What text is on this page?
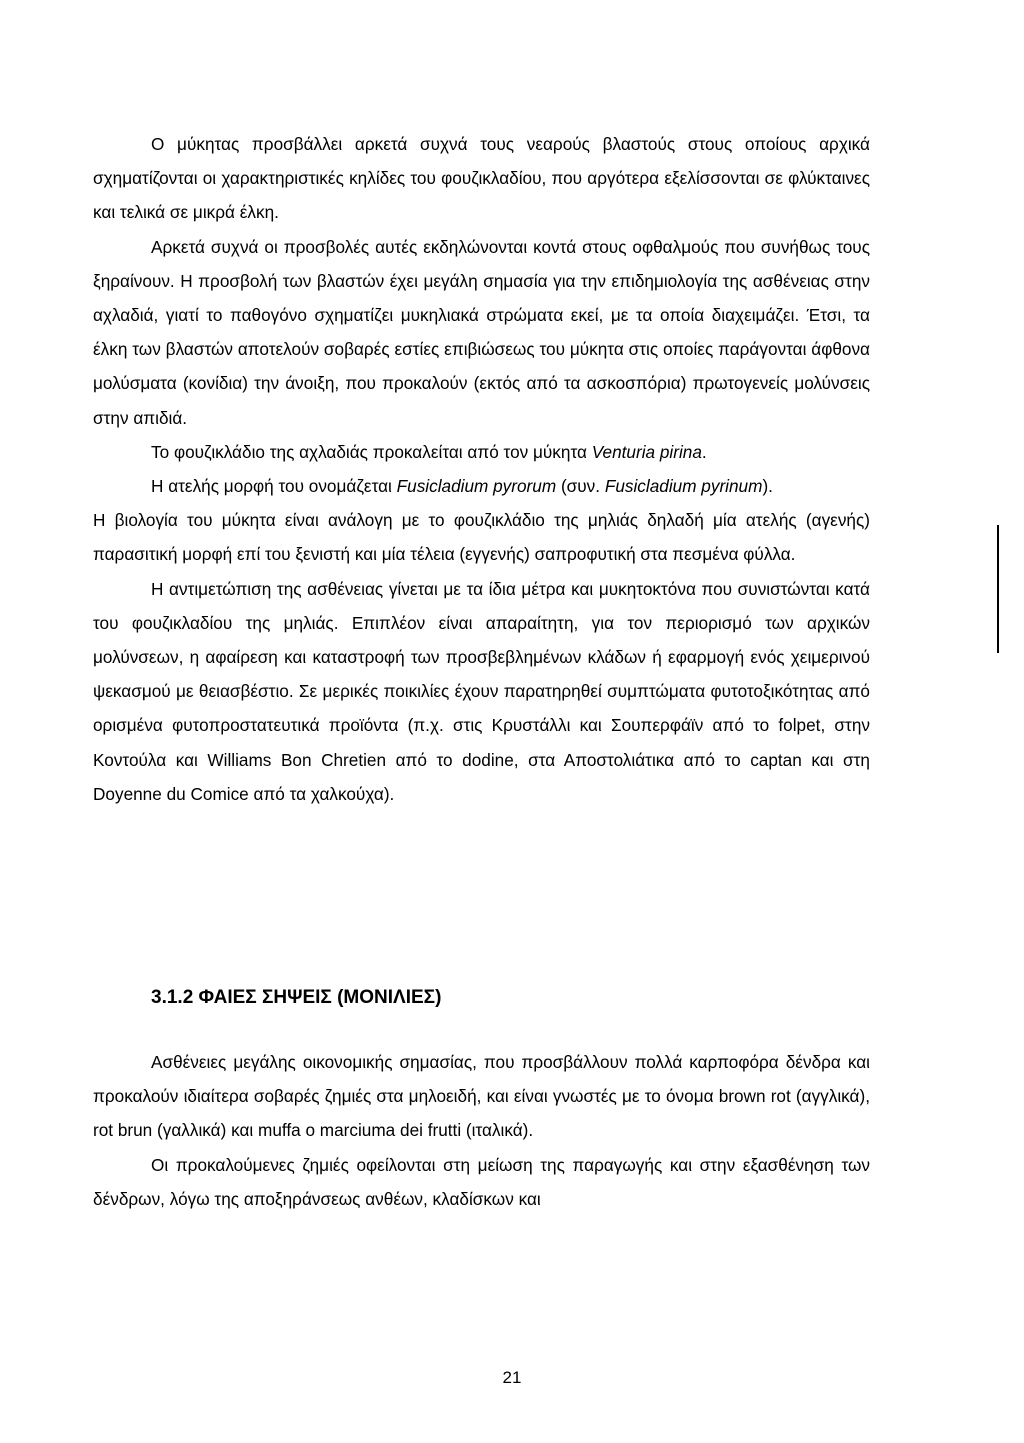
Ο μύκητας προσβάλλει αρκετά συχνά τους νεαρούς βλαστούς στους οποίους αρχικά σχηματίζονται οι χαρακτηριστικές κηλίδες του φουζικλαδίου, που αργότερα εξελίσσονται σε φλύκταινες και τελικά σε μικρά έλκη.

Αρκετά συχνά οι προσβολές αυτές εκδηλώνονται κοντά στους οφθαλμούς που συνήθως τους ξηραίνουν. Η προσβολή των βλαστών έχει μεγάλη σημασία για την επιδημιολογία της ασθένειας στην αχλαδιά, γιατί το παθογόνο σχηματίζει μυκηλιακά στρώματα εκεί, με τα οποία διαχειμάζει. Έτσι, τα έλκη των βλαστών αποτελούν σοβαρές εστίες επιβιώσεως του μύκητα στις οποίες παράγονται άφθονα μολύσματα (κονίδια) την άνοιξη, που προκαλούν (εκτός από τα ασκοσπόρια) πρωτογενείς μολύνσεις στην απιδιά.

Το φουζικλάδιο της αχλαδιάς προκαλείται από τον μύκητα Venturia pirina.

Η ατελής μορφή του ονομάζεται Fusicladium pyrorum (συν. Fusicladium pyrinum).

Η βιολογία του μύκητα είναι ανάλογη με το φουζικλάδιο της μηλιάς δηλαδή μία ατελής (αγενής) παρασιτική μορφή επί του ξενιστή και μία τέλεια (εγγενής) σαπροφυτική στα πεσμένα φύλλα.

Η αντιμετώπιση της ασθένειας γίνεται με τα ίδια μέτρα και μυκητοκτόνα που συνιστώνται κατά του φουζικλαδίου της μηλιάς. Επιπλέον είναι απαραίτητη, για τον περιορισμό των αρχικών μολύνσεων, η αφαίρεση και καταστροφή των προσβεβλημένων κλάδων ή εφαρμογή ενός χειμερινού ψεκασμού με θειασβέστιο. Σε μερικές ποικιλίες έχουν παρατηρηθεί συμπτώματα φυτοτοξικότητας από ορισμένα φυτοπροστατευτικά προϊόντα (π.χ. στις Κρυστάλλι και Σουπερφάϊν από το folpet, στην Κοντούλα και Williams Bon Chretien από το dodine, στα Αποστολιάτικα από το captan και στη Doyenne du Comice από τα χαλκούχα).

3.1.2 ΦΑΙΕΣ ΣΗΨΕΙΣ (ΜΟΝΙΛΙΕΣ)

Ασθένειες μεγάλης οικονομικής σημασίας, που προσβάλλουν πολλά καρποφόρα δένδρα και προκαλούν ιδιαίτερα σοβαρές ζημιές στα μηλοειδή, και είναι γνωστές με το όνομα brown rot (αγγλικά), rot brun (γαλλικά) και muffa o marciuma dei frutti (ιταλικά).

Οι προκαλούμενες ζημιές οφείλονται στη μείωση της παραγωγής και στην εξασθένηση των δένδρων, λόγω της αποξηράνσεως ανθέων, κλαδίσκων και

21
